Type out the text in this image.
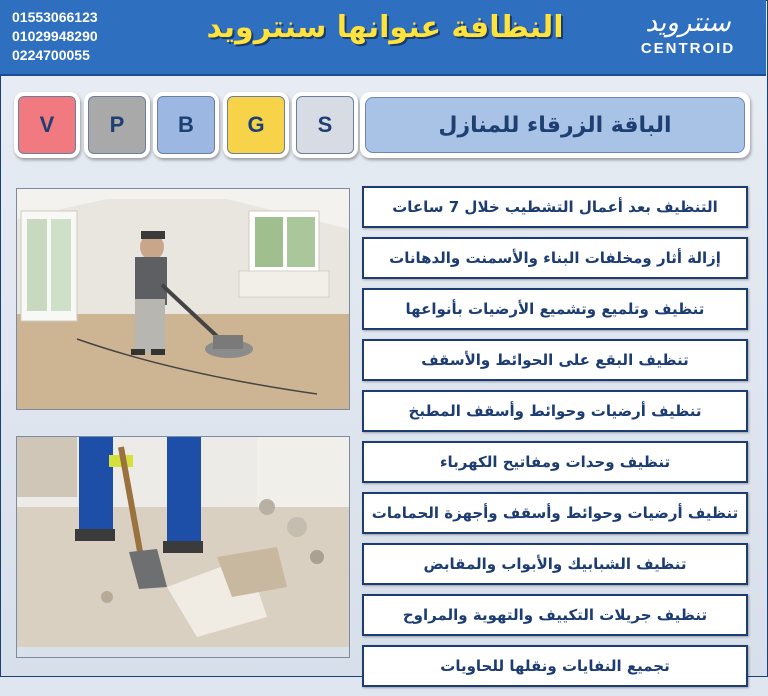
01553066123
01029948290
0224700055
النظافة عنوانها سنترويد	سنترويد
CENTROID
V	P	B	G	S	الباقة الزرقاء للمنازل
التنظيف بعد أعمال التشطيب خلال 7 ساعات
إزالة أثار ومخلفات البناء والأسمنت والدهانات
تنظيف وتلميع وتشميع الأرضيات بأنواعها
تنظيف البقع على الحوائط والأسقف
تنظيف أرضيات وحوائط وأسقف المطبخ
تنظيف وحدات ومفاتيح الكهرباء
تنظيف أرضيات وحوائط وأسقف وأجهزة الحمامات
تنظيف الشبابيك والأبواب والمقابض
تنظيف جريلات التكييف والتهوية والمراوح
تجميع النفايات ونقلها للحاويات
